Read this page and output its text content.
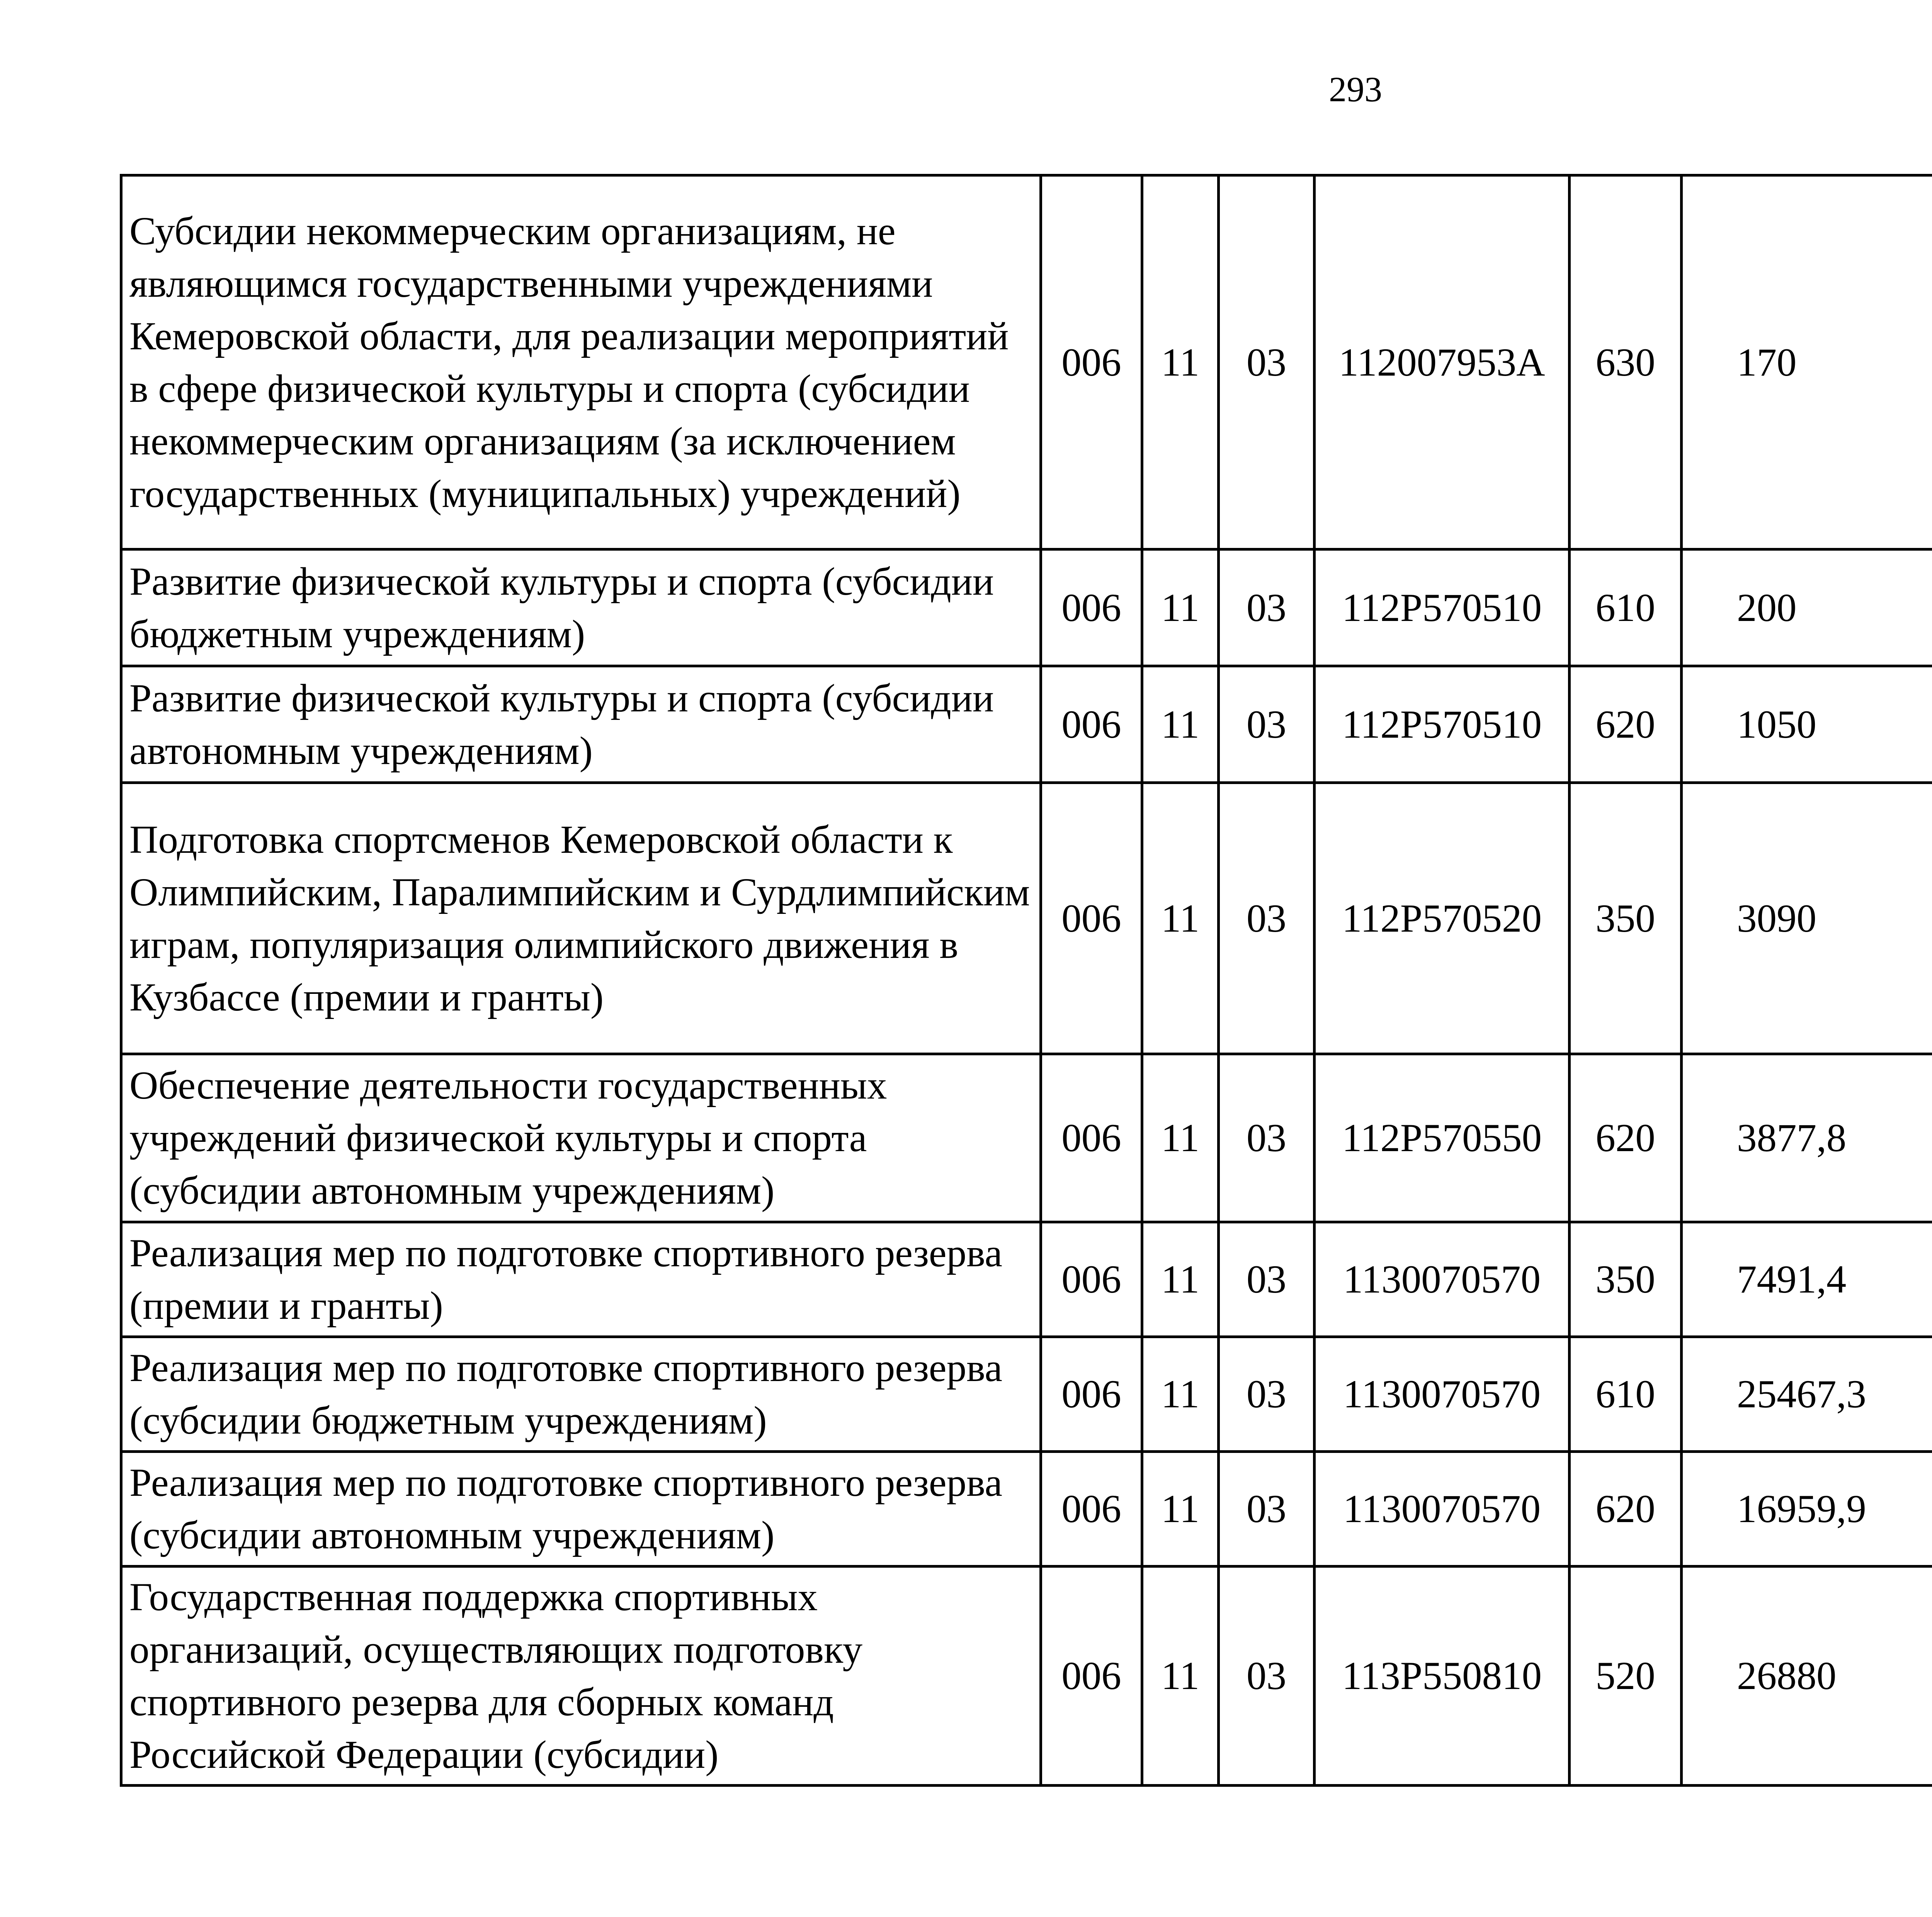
293
Субсидии некоммерческим организациям, не являющимся государственными учреждениями Кемеровской области, для реализации мероприятий в сфере физической культуры и спорта (субсидии некоммерческим организациям (за исключением государственных (муниципальных) учреждений)	006	11	03	112007953А	630	170		
Развитие физической культуры и спорта (субсидии бюджетным учреждениям)	006	11	03	112P570510	610	200		
Развитие физической культуры и спорта (субсидии автономным учреждениям)	006	11	03	112P570510	620	1050		
Подготовка спортсменов Кемеровской области к Олимпийским, Паралимпийским и Сурдлимпийским играм, популяризация олимпийского движения в Кузбассе (премии и гранты)	006	11	03	112P570520	350	3090		
Обеспечение деятельности государственных учреждений физической культуры и спорта (субсидии автономным учреждениям)	006	11	03	112P570550	620	3877,8		
Реализация мер по подготовке спортивного резерва (премии и гранты)	006	11	03	1130070570	350	7491,4		
Реализация мер по подготовке спортивного резерва (субсидии бюджетным учреждениям)	006	11	03	1130070570	610	25467,3		
Реализация мер по подготовке спортивного резерва (субсидии автономным учреждениям)	006	11	03	1130070570	620	16959,9		
Государственная поддержка спортивных организаций, осуществляющих подготовку спортивного резерва для сборных команд Российской Федерации (субсидии)	006	11	03	113P550810	520	26880		
